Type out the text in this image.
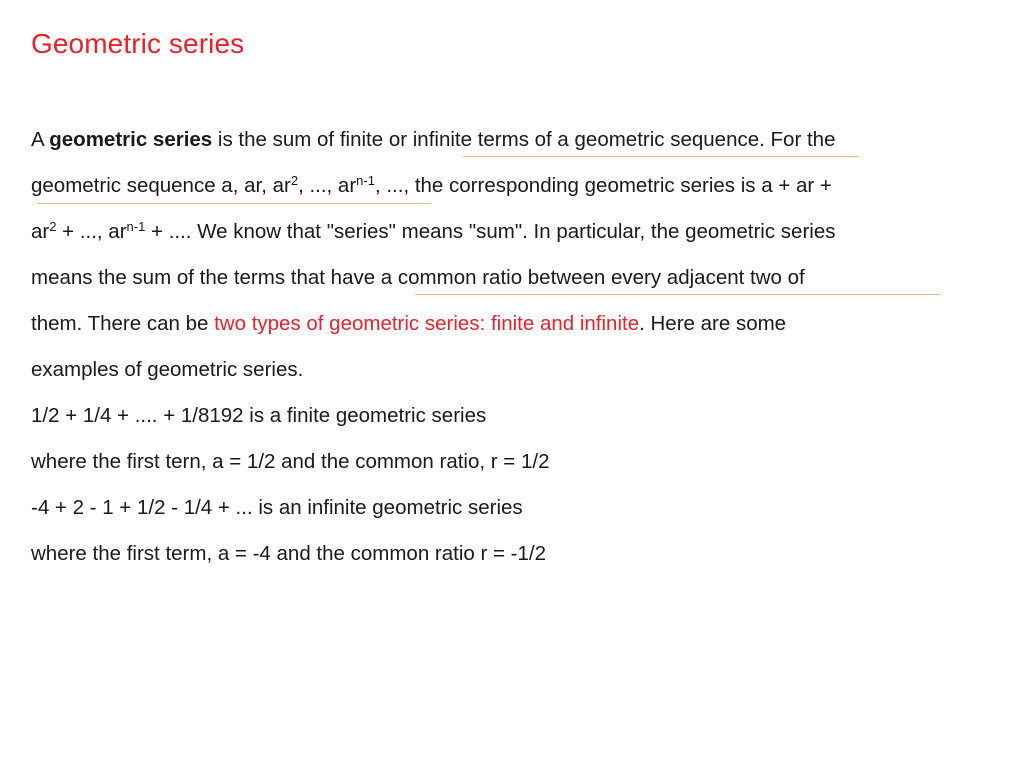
Geometric series
A geometric series is the sum of finite or infinite terms of a geometric sequence. For the
geometric sequence a, ar, $ar^2$, ..., $ar^{n-1}$, ..., the corresponding geometric series is a + ar +
$ar^2$ + ..., $ar^{n-1}$ + .... We know that "series" means "sum". In particular, the geometric series
means the sum of the terms that have a common ratio between every adjacent two of
them. There can be two types of geometric series: finite and infinite. Here are some
examples of geometric series.
1/2 + 1/4 + .... + 1/8192 is a finite geometric series
where the first tern, a = 1/2 and the common ratio, r = 1/2
-4 + 2 - 1 + 1/2 - 1/4 + ... is an infinite geometric series
where the first term, a = -4 and the common ratio r = -1/2
